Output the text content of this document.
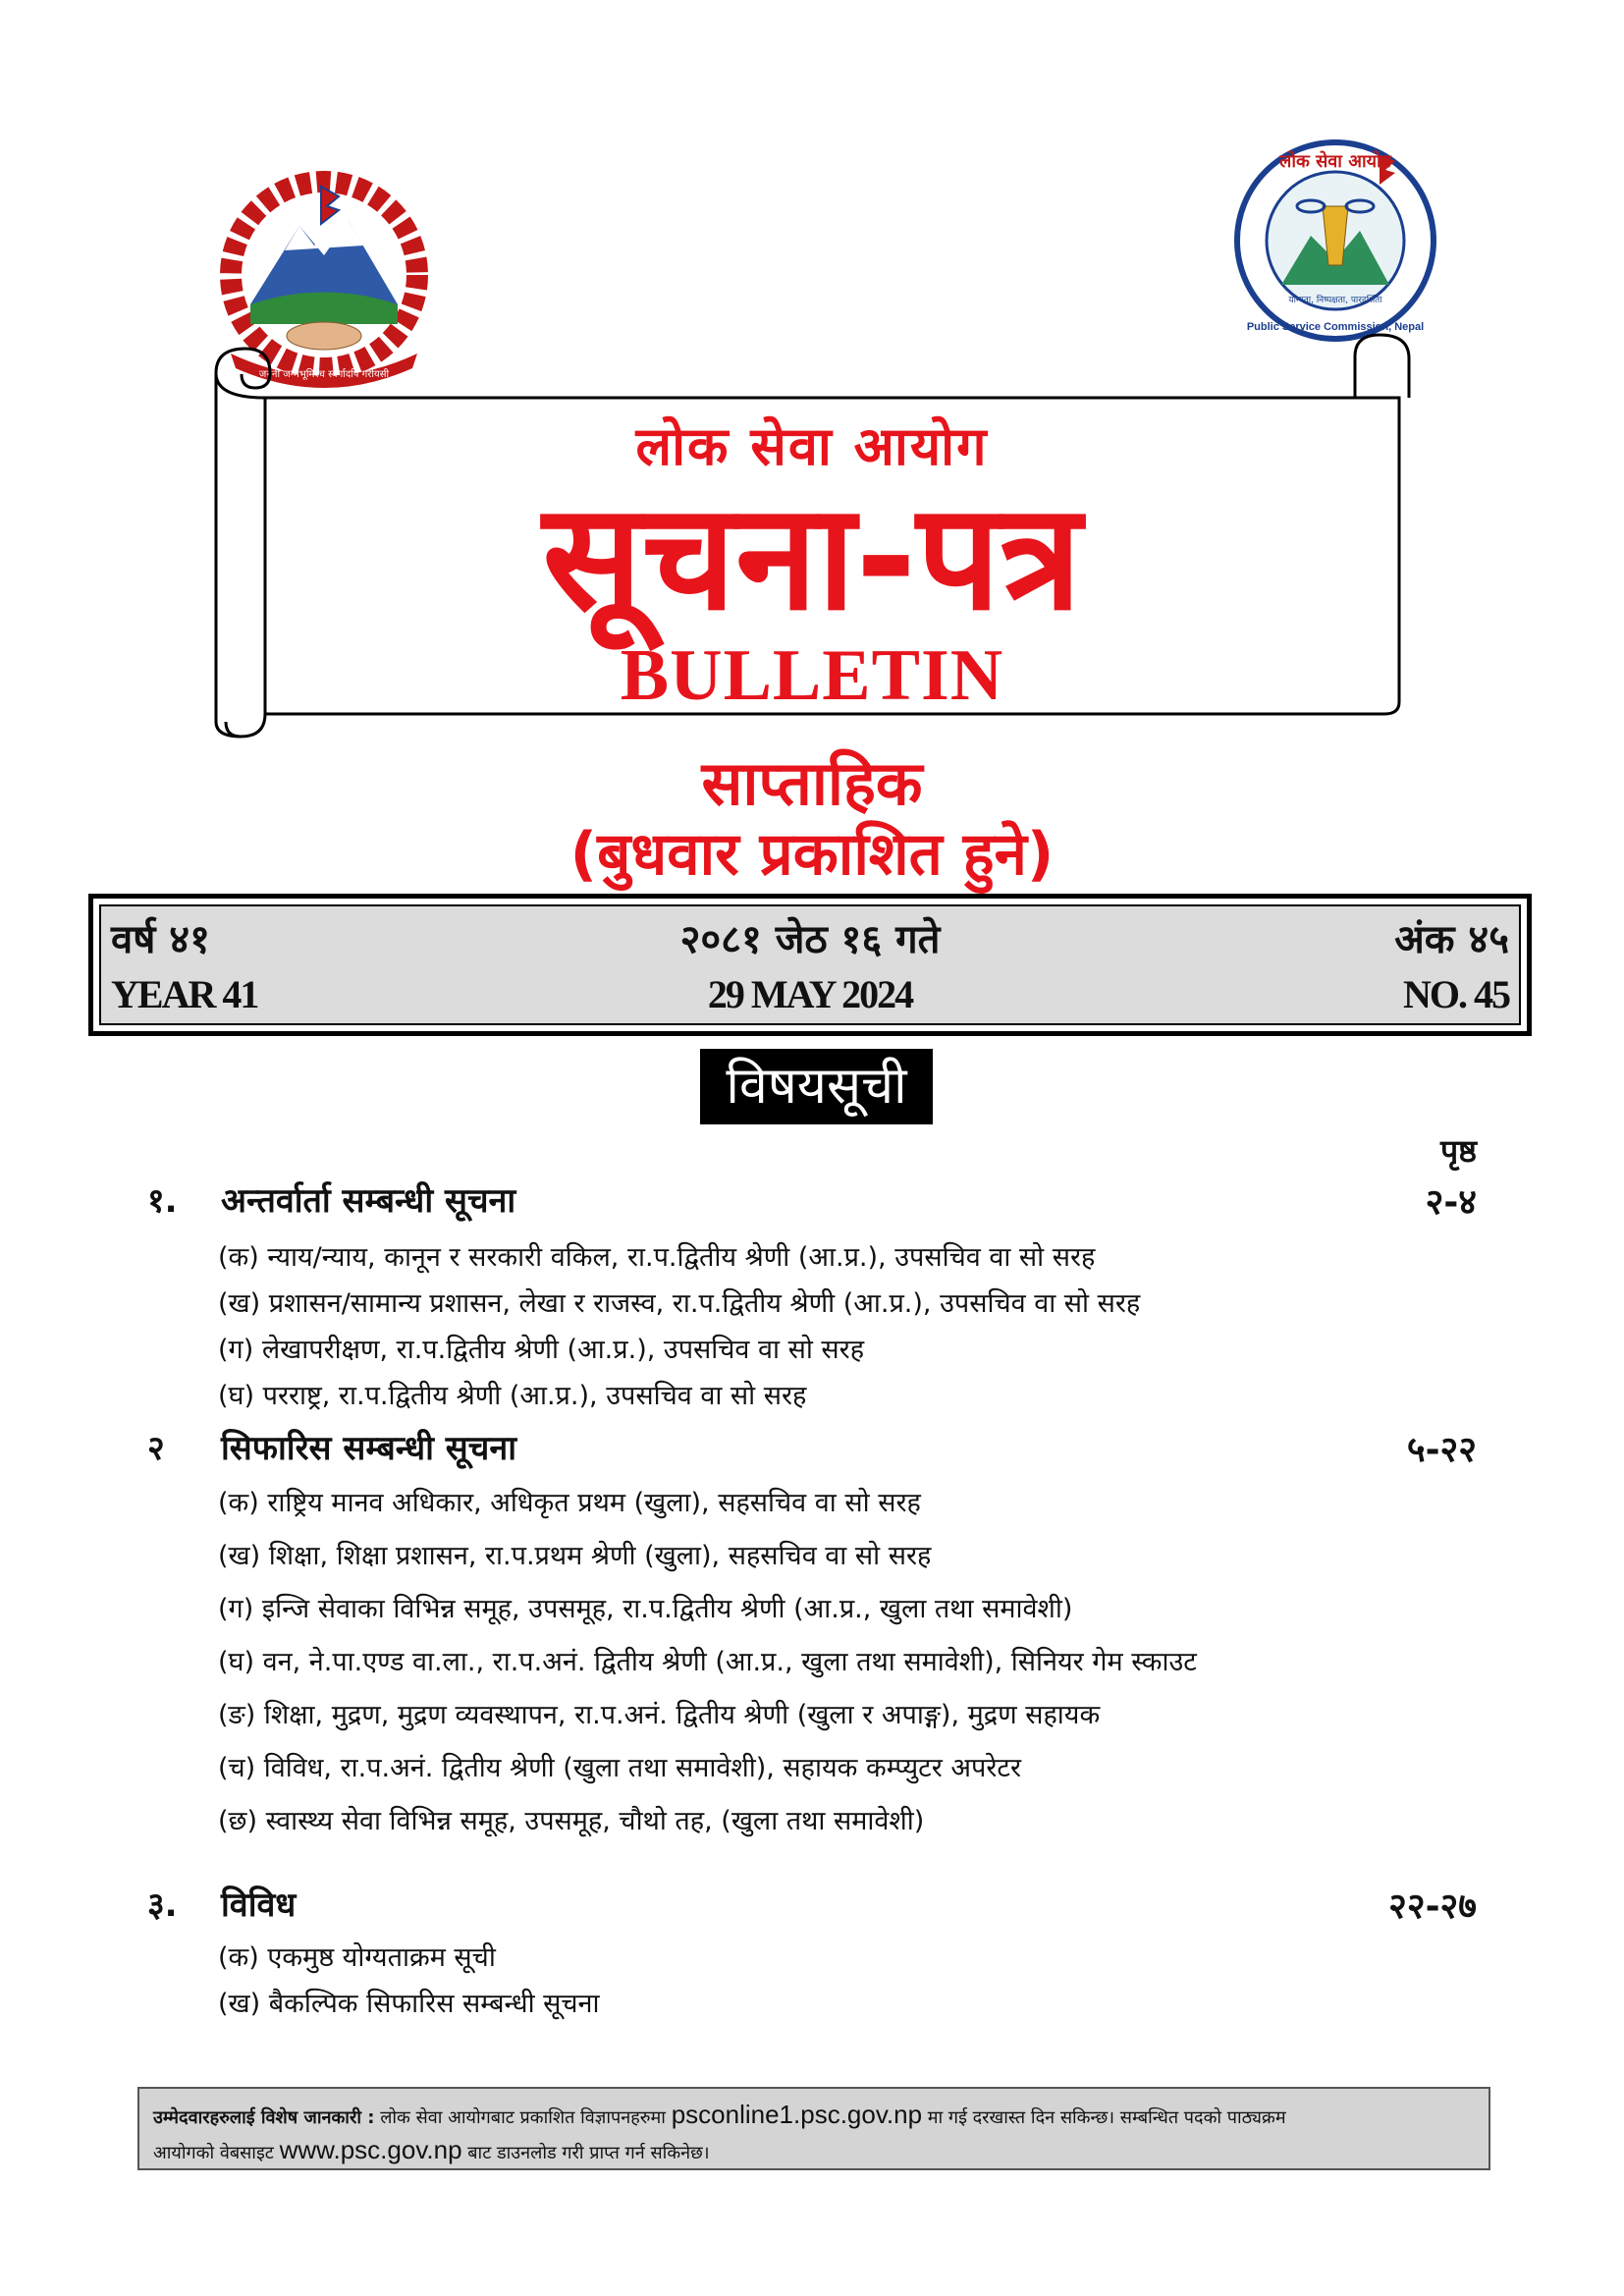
जननी जन्मभूमिश्च स्वर्गादपि गरीयसी
लोक सेवा आयोग
Public Service Commission, Nepal
योग्यता, निष्पक्षता, पारदर्शिता
लोक सेवा आयोग
सूचना-पत्र
BULLETIN
साप्ताहिक
(बुधवार प्रकाशित हुने)
वर्ष ४१	२०८१ जेठ १६ गते	अंक ४५
YEAR 41	29 MAY 2024	NO. 45
विषयसूची
पृष्ठ
१. अन्तर्वार्ता सम्बन्धी सूचना	२-४
(क) न्याय/न्याय, कानून र सरकारी वकिल, रा.प.द्वितीय श्रेणी (आ.प्र.), उपसचिव वा सो सरह
(ख) प्रशासन/सामान्य प्रशासन, लेखा र राजस्व, रा.प.द्वितीय श्रेणी (आ.प्र.), उपसचिव वा सो सरह
(ग) लेखापरीक्षण, रा.प.द्वितीय श्रेणी (आ.प्र.), उपसचिव वा सो सरह
(घ) परराष्ट्र, रा.प.द्वितीय श्रेणी (आ.प्र.), उपसचिव वा सो सरह
२ सिफारिस सम्बन्धी सूचना	५-२२
(क) राष्ट्रिय मानव अधिकार, अधिकृत प्रथम (खुला), सहसचिव वा सो सरह
(ख) शिक्षा, शिक्षा प्रशासन, रा.प.प्रथम श्रेणी (खुला), सहसचिव वा सो सरह
(ग) इन्जि सेवाका विभिन्न समूह, उपसमूह, रा.प.द्वितीय श्रेणी (आ.प्र., खुला तथा समावेशी)
(घ) वन, ने.पा.एण्ड वा.ला., रा.प.अनं. द्वितीय श्रेणी (आ.प्र., खुला तथा समावेशी), सिनियर गेम स्काउट
(ङ) शिक्षा, मुद्रण, मुद्रण व्यवस्थापन, रा.प.अनं. द्वितीय श्रेणी (खुला र अपाङ्ग), मुद्रण सहायक
(च) विविध, रा.प.अनं. द्वितीय श्रेणी (खुला तथा समावेशी), सहायक कम्प्युटर अपरेटर
(छ) स्वास्थ्य सेवा विभिन्न समूह, उपसमूह, चौथो तह, (खुला तथा समावेशी)
३. विविध	२२-२७
(क) एकमुष्ठ योग्यताक्रम सूची
(ख) बैकल्पिक सिफारिस सम्बन्धी सूचना
उम्मेदवारहरुलाई विशेष जानकारी : लोक सेवा आयोगबाट प्रकाशित विज्ञापनहरुमा psconline1.psc.gov.np मा गई दरखास्त दिन सकिन्छ। सम्बन्धित पदको पाठ्यक्रम
आयोगको वेबसाइट www.psc.gov.np बाट डाउनलोड गरी प्राप्त गर्न सकिनेछ।
